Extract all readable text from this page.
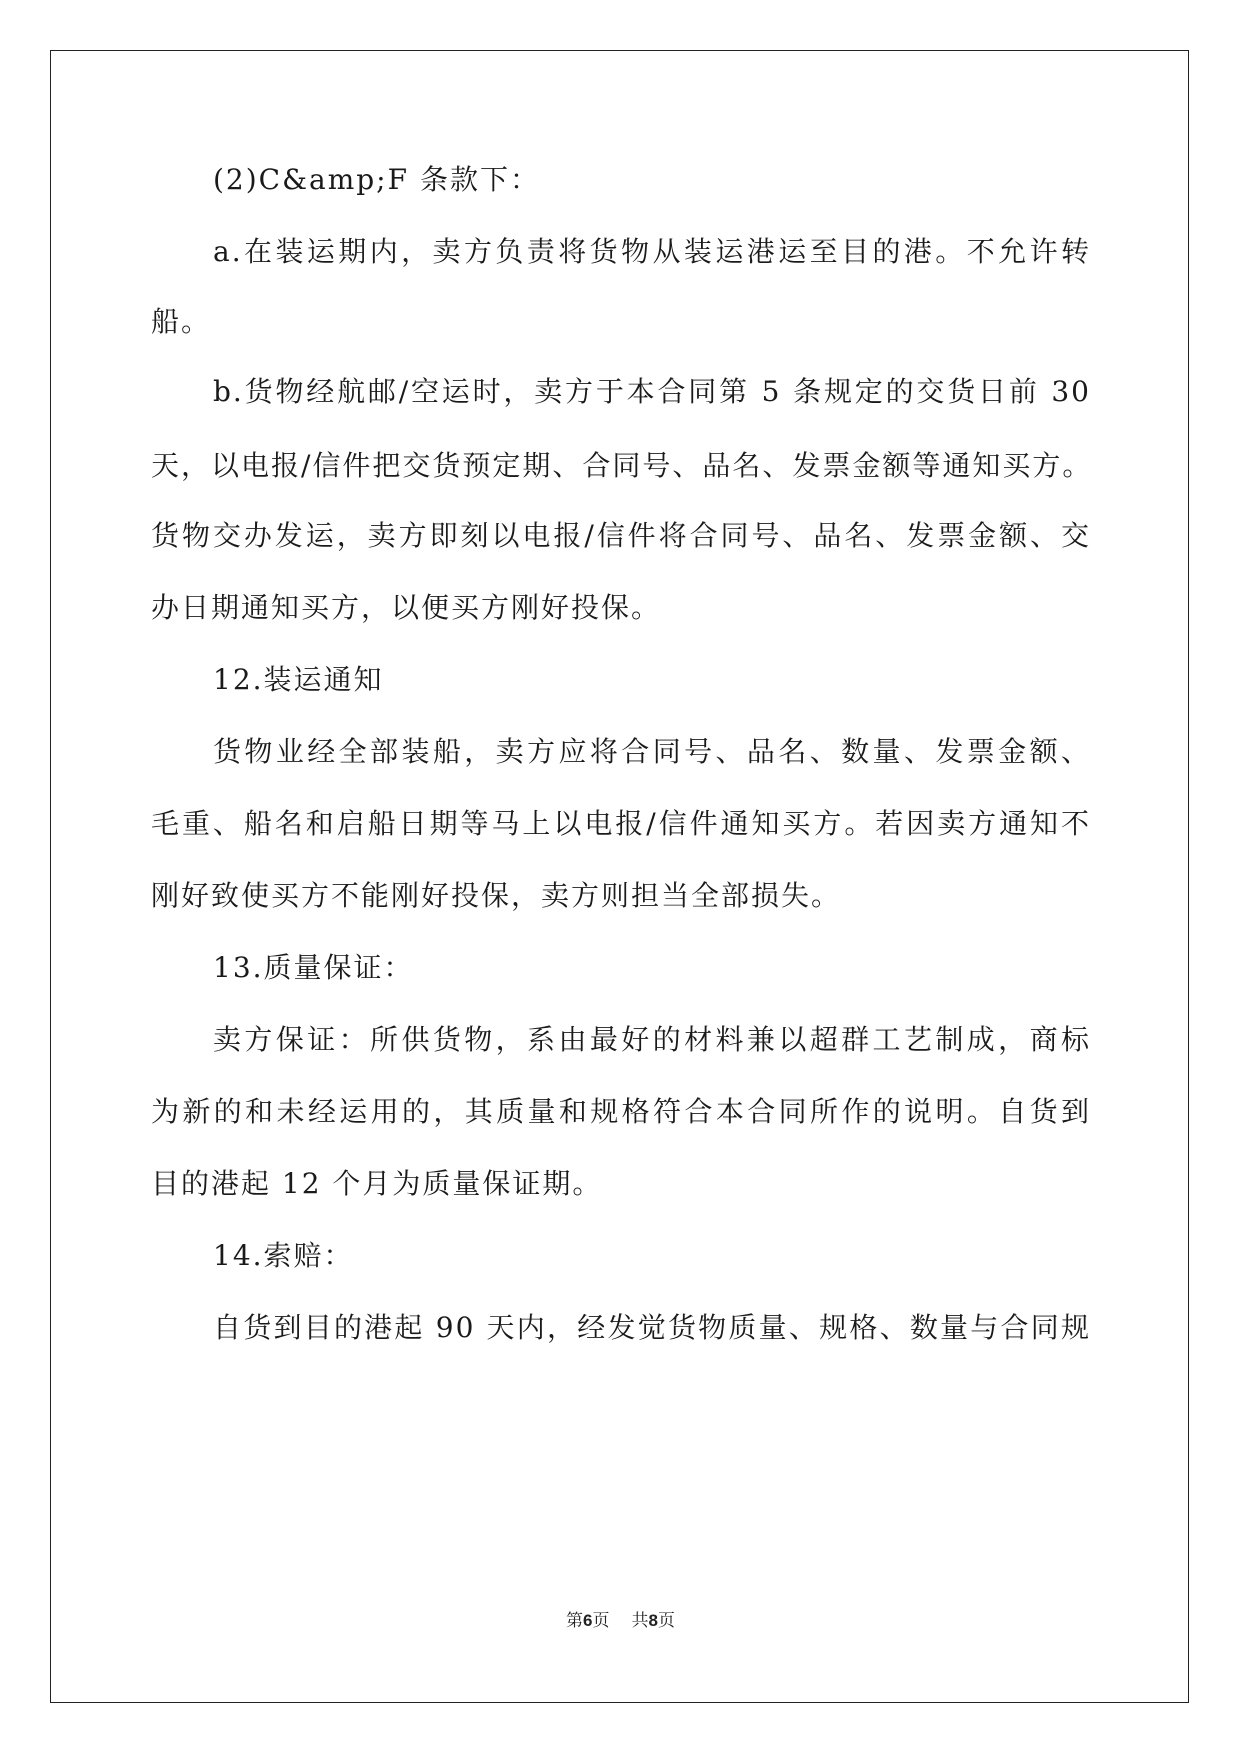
(2)C&amp;F 条款下：
a.在装运期内，卖方负责将货物从装运港运至目的港。不允许转
船。
b.货物经航邮/空运时，卖方于本合同第 5 条规定的交货日前 30
天，以电报/信件把交货预定期、合同号、品名、发票金额等通知买方。
货物交办发运，卖方即刻以电报/信件将合同号、品名、发票金额、交
办日期通知买方，以便买方刚好投保。
12.装运通知
货物业经全部装船，卖方应将合同号、品名、数量、发票金额、
毛重、船名和启船日期等马上以电报/信件通知买方。若因卖方通知不
刚好致使买方不能刚好投保，卖方则担当全部损失。
13.质量保证：
卖方保证：所供货物，系由最好的材料兼以超群工艺制成，商标
为新的和未经运用的，其质量和规格符合本合同所作的说明。自货到
目的港起 12 个月为质量保证期。
14.索赔：
自货到目的港起 90 天内，经发觉货物质量、规格、数量与合同规
第6页 共8页
